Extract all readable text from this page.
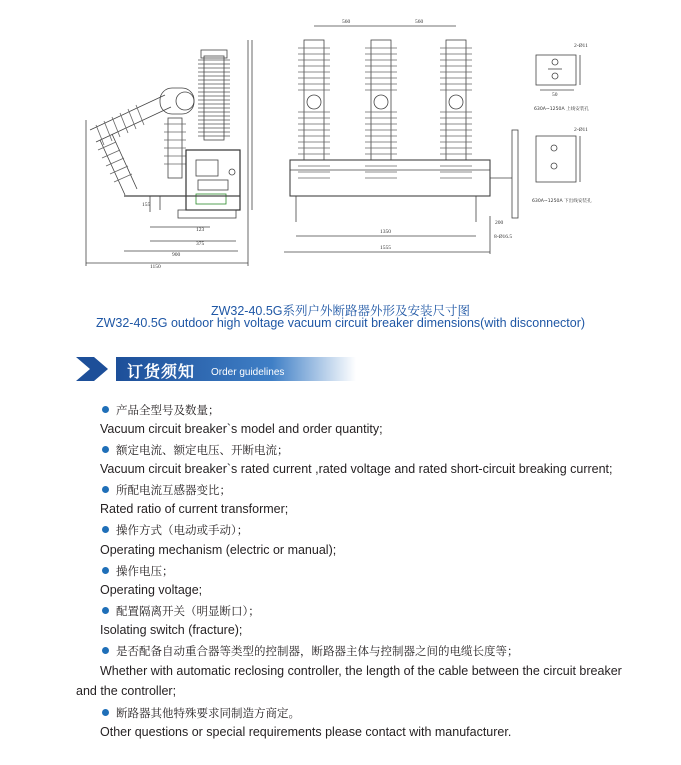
560	560
1350
1555
200
8-Ø16.5
900
1150
375
123
155
2-Ø11
50
2-Ø11
630A~1250A 上线安装孔
630A~1250A 下出线安装孔
ZW32-40.5G系列户外断路器外形及安装尺寸图
ZW32-40.5G outdoor high voltage vacuum circuit breaker dimensions(with disconnector)
订货须知 Order guidelines
产品全型号及数量；
Vacuum circuit breaker`s model and order quantity;
额定电流、额定电压、开断电流；
Vacuum circuit breaker`s rated current ,rated voltage and rated short-circuit breaking current;
所配电流互感器变比；
Rated ratio of current transformer;
操作方式（电动或手动）；
Operating mechanism (electric or manual);
操作电压；
Operating voltage;
配置隔离开关（明显断口）；
Isolating switch (fracture);
是否配备自动重合器等类型的控制器，断路器主体与控制器之间的电缆长度等；
Whether with automatic reclosing controller, the length of the cable between the circuit breaker
and the controller;
断路器其他特殊要求同制造方商定。
Other questions or special requirements please contact with manufacturer.
